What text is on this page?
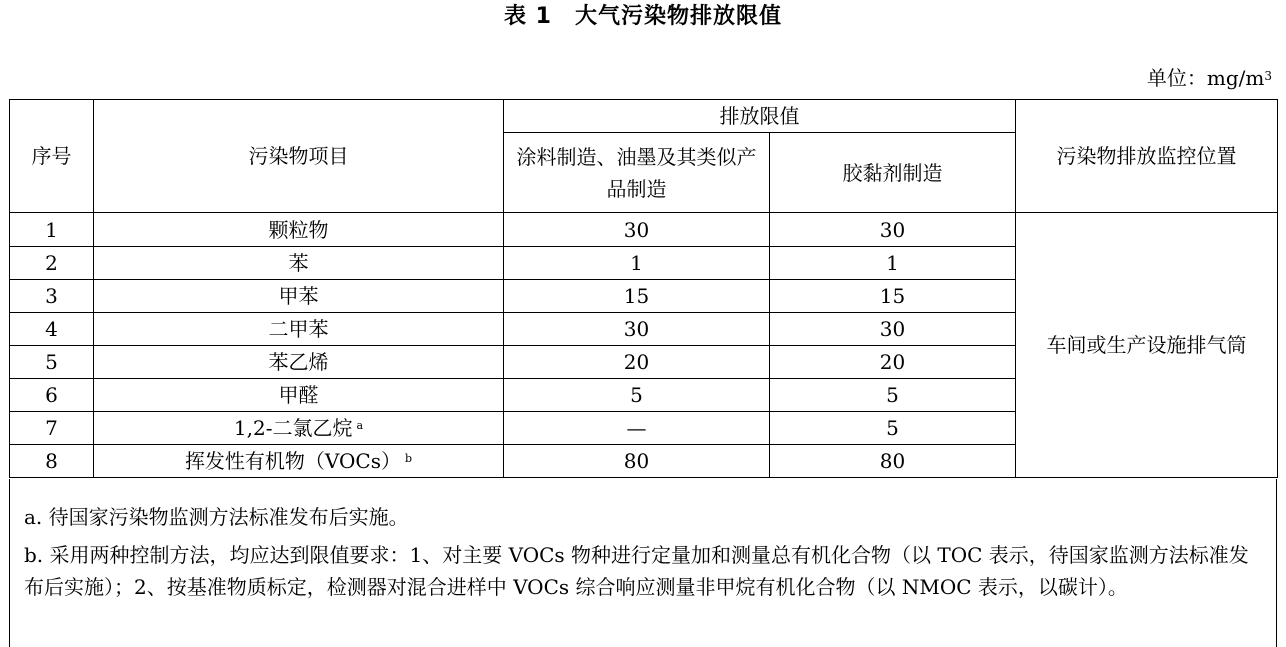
表 1　大气污染物排放限值
单位：$mg/m^3$
序号	污染物项目	排放限值		污染物排放监控位置

		涂料制造、油墨及其类似产品制造	胶黏剂制造	
1	颗粒物	30	30	车间或生产设施排气筒

2	苯	1	1	
3	甲苯	15	15	
4	二甲苯	30	30	
5	苯乙烯	20	20	
6	甲醛	5	5	
7	1,2-二氯乙烷 $^a$	—	5	
8	挥发性有机物（VOCs） $^b$	80	80	

a. 待国家污染物监测方法标准发布后实施。

b. 采用两种控制方法，均应达到限值要求：1、对主要 VOCs 物种进行定量加和测量总有机化合物（以 TOC 表示，待国家监测方法标准发布后实施）；2、按基准物质标定，检测器对混合进样中 VOCs 综合响应测量非甲烷有机化合物（以 NMOC 表示，以碳计）。
